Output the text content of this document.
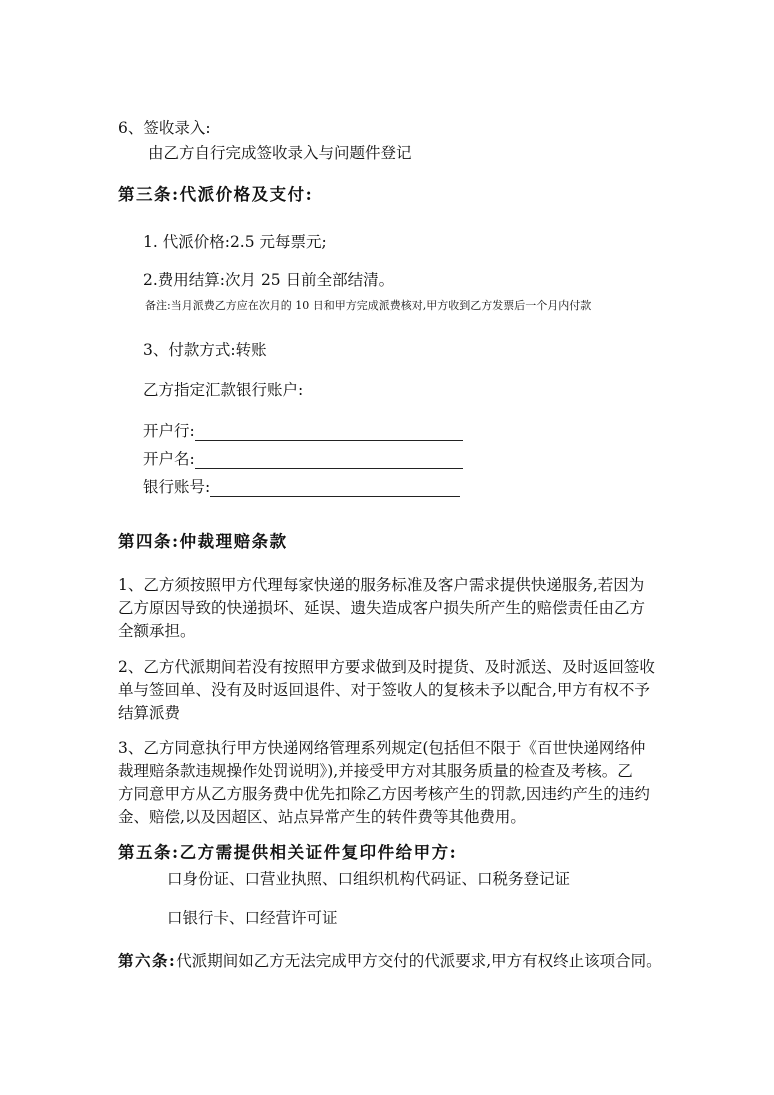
6、签收录入:
由乙方自行完成签收录入与问题件登记
第三条:代派价格及支付:
1. 代派价格:2.5 元每票元;
2.费用结算:次月 25 日前全部结清。
备注:当月派费乙方应在次月的 10 日和甲方完成派费核对,甲方收到乙方发票后一个月内付款
3、付款方式:转账
乙方指定汇款银行账户:
开户行:
开户名:
银行账号:
第四条:仲裁理赔条款
1、乙方须按照甲方代理每家快递的服务标准及客户需求提供快递服务,若因为
乙方原因导致的快递损坏、延误、遗失造成客户损失所产生的赔偿责任由乙方
全额承担。
2、乙方代派期间若没有按照甲方要求做到及时提货、及时派送、及时返回签收
单与签回单、没有及时返回退件、对于签收人的复核未予以配合,甲方有权不予
结算派费
3、乙方同意执行甲方快递网络管理系列规定(包括但不限于《百世快递网络仲
裁理赔条款违规操作处罚说明》),并接受甲方对其服务质量的检查及考核。乙
方同意甲方从乙方服务费中优先扣除乙方因考核产生的罚款,因违约产生的违约
金、赔偿,以及因超区、站点异常产生的转件费等其他费用。
第五条:乙方需提供相关证件复印件给甲方:
口身份证、口营业执照、口组织机构代码证、口税务登记证
口银行卡、口经营许可证
第六条:代派期间如乙方无法完成甲方交付的代派要求,甲方有权终止该项合同。
